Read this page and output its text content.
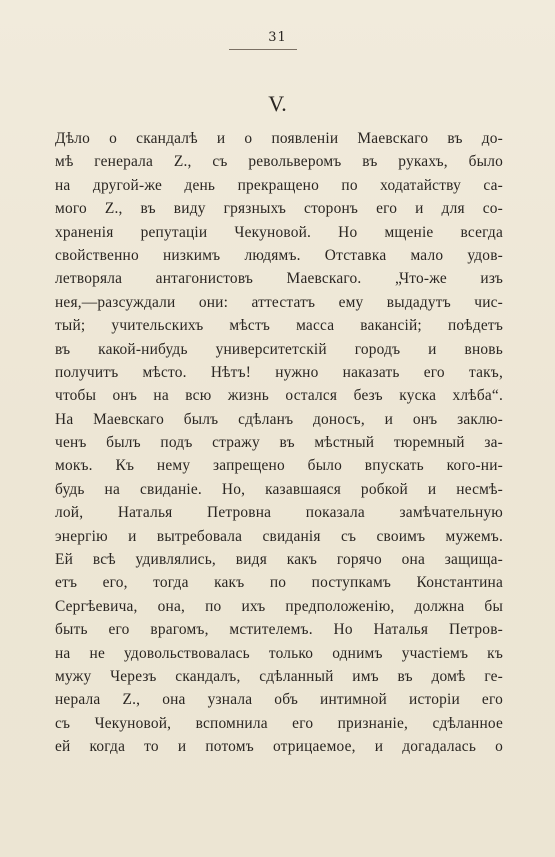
31
V.
Дѣло о скандалѣ и о появленіи Маевскаго въ до-
мѣ генерала Z., съ револьверомъ въ рукахъ, было
на другой-же день прекращено по ходатайству са-
мого Z., въ виду грязныхъ сторонъ его и для со-
храненія репутаціи Чекуновой. Но мщеніе всегда
свойственно низкимъ людямъ. Отставка мало удов-
летворяла антагонистовъ Маевскаго. „Что-же изъ
нея,—разсуждали они: аттестатъ ему выдадутъ чис-
тый; учительскихъ мѣстъ масса вакансій; поѣдетъ
въ какой-нибудь университетскій городъ и вновь
получитъ мѣсто. Нѣтъ! нужно наказать его такъ,
чтобы онъ на всю жизнь остался безъ куска хлѣба“.
На Маевскаго былъ сдѣланъ доносъ, и онъ заклю-
ченъ былъ подъ стражу въ мѣстный тюремный за-
мокъ. Къ нему запрещено было впускать кого-ни-
будь на свиданіе. Но, казавшаяся робкой и несмѣ-
лой, Наталья Петровна показала замѣчательную
энергію и вытребовала свиданія съ своимъ мужемъ.
Ей всѣ удивлялись, видя какъ горячо она защища-
етъ его, тогда какъ по поступкамъ Константина
Сергѣевича, она, по ихъ предположенію, должна бы
быть его врагомъ, мстителемъ. Но Наталья Петров-
на не удовольствовалась только однимъ участіемъ къ
мужу Черезъ скандалъ, сдѣланный имъ въ домѣ ге-
нерала Z., она узнала объ интимной исторіи его
съ Чекуновой, вспомнила его признаніе, сдѣланное
ей когда то и потомъ отрицаемое, и догадалась о
